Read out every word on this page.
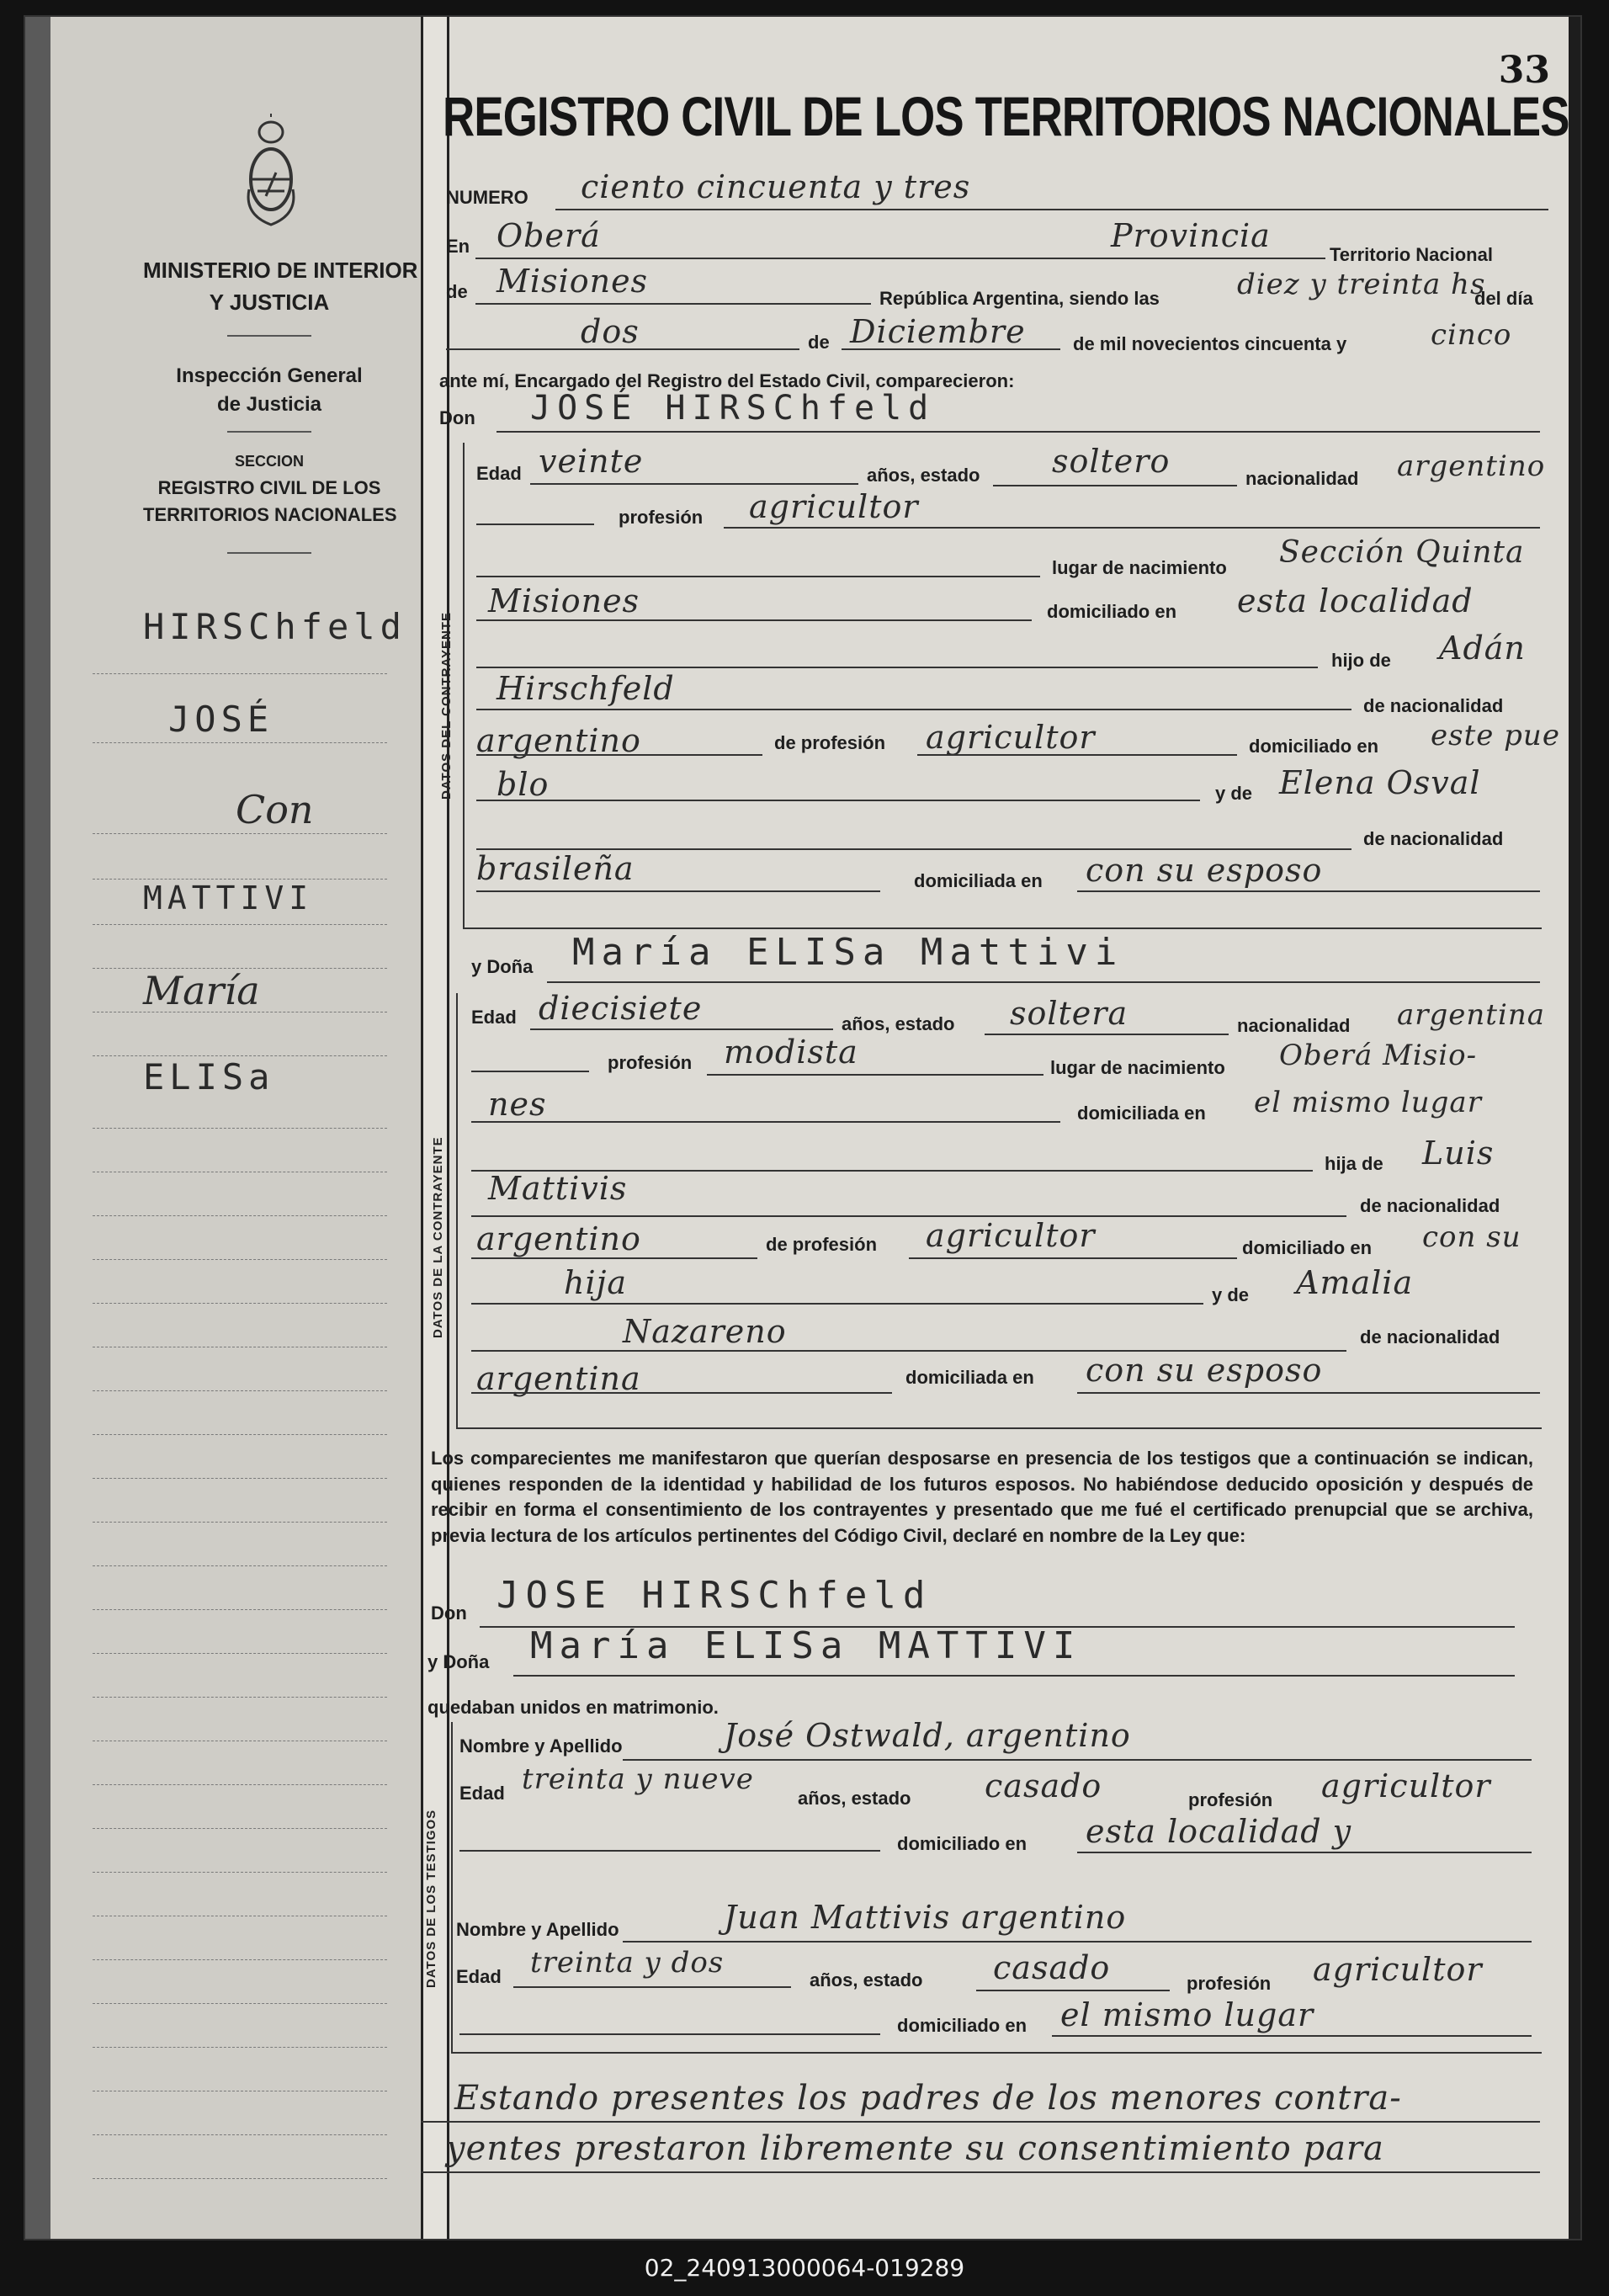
MINISTERIO DE INTERIOR
Y JUSTICIA
Inspección General
de Justicia
SECCION
REGISTRO CIVIL DE LOS
TERRITORIOS NACIONALES
HIRSChfeld
JOSÉ
Con
MATTIVI
María
ELISa
33
REGISTRO CIVIL DE LOS TERRITORIOS NACIONALES
NUMERO ciento cincuenta y tres
En Oberá	Provincia
Territorio Nacional
de Misiones	República Argentina, siendo las	diez y treinta hs
del día
dos	de Diciembre	de mil novecientos cincuenta y	cinco
ante mí, Encargado del Registro del Estado Civil, comparecieron:
Don JOSÉ HIRSChfeld
DATOS DEL CONTRAYENTE
Edad veinte	años, estado soltero	nacionalidad argentino
profesión agricultor
lugar de nacimiento Sección Quinta
Misiones	domiciliado en esta localidad
hijo de Adán
Hirschfeld	de nacionalidad
argentino	de profesión agricultor	domiciliado en este pue
blo	y de Elena Osval
de nacionalidad
brasileña	domiciliada en con su esposo
y Doña María ELISa Mattivi
DATOS DE LA CONTRAYENTE
Edad diecisiete	años, estado soltera	nacionalidad argentina
profesión modista	lugar de nacimiento Oberá Misio-
nes	domiciliada en el mismo lugar
hija de Luis
Mattivis	de nacionalidad
argentino	de profesión agricultor	domiciliado en con su
hija	y de Amalia
Nazareno	de nacionalidad
argentina	domiciliada en con su esposo
Los comparecientes me manifestaron que querían desposarse en presencia de los testigos que a continuación se indican, quienes responden de la identidad y habilidad de los futuros esposos. No habiéndose deducido oposición y después de recibir en forma el consentimiento de los contrayentes y presentado que me fué el certificado prenupcial que se archiva, previa lectura de los artículos pertinentes del Código Civil, declaré en nombre de la Ley que:
Don JOSE HIRSChfeld
y Doña María ELISa MATTIVI
quedaban unidos en matrimonio.
DATOS DE LOS TESTIGOS
Nombre y Apellido	José Ostwald, argentino
Edad treinta y nueve
años, estado casado	profesión agricultor
domiciliado en esta localidad y
Nombre y Apellido	Juan Mattivis argentino
Edad treinta y dos
años, estado casado	profesión agricultor
domiciliado en el mismo lugar
Estando presentes los padres de los menores contra-
yentes prestaron libremente su consentimiento para
02_240913000064-019289
